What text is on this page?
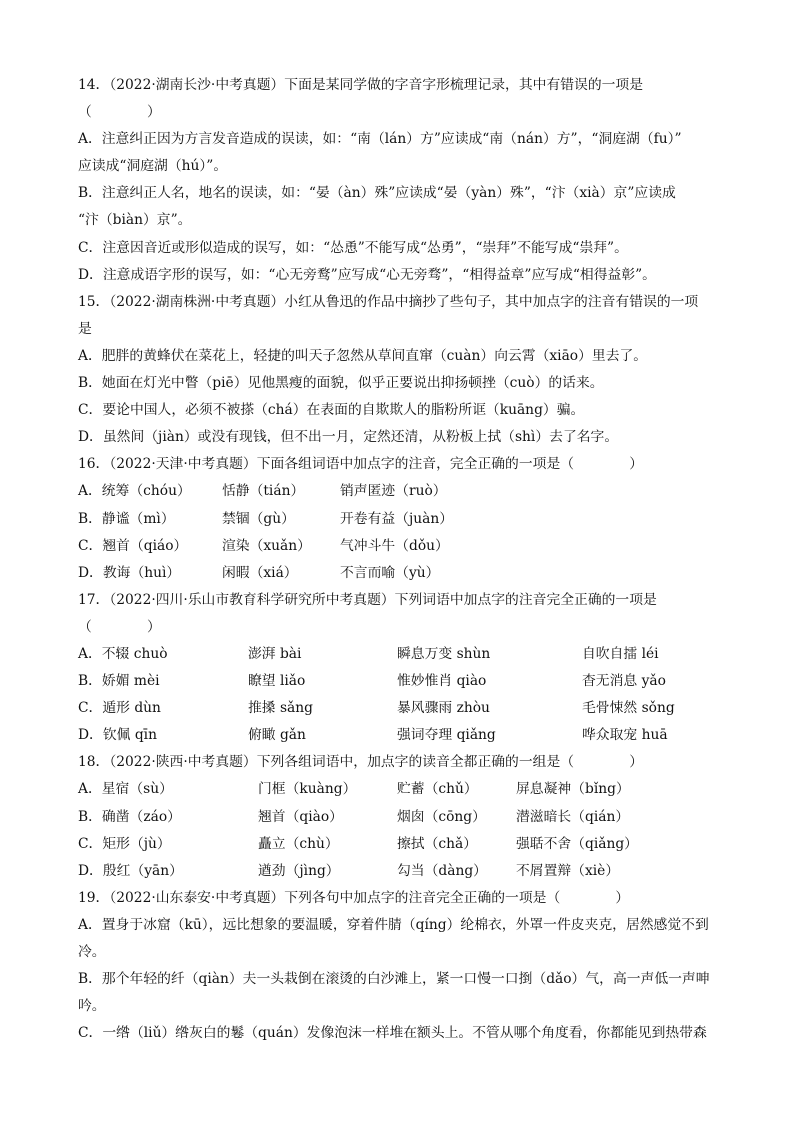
14．（2022·湖南长沙·中考真题）下面是某同学做的字音字形梳理记录，其中有错误的一项是
（　　　　）
A．注意纠正因为方言发音造成的误读，如：“南（lán）方”应读成“南（nán）方”，“洞庭湖（fu）”
应读成“洞庭湖（hú）”。
B．注意纠正人名，地名的误读，如：“晏（àn）殊”应读成“晏（yàn）殊”，“汴（xià）京”应读成
“汴（biàn）京”。
C．注意因音近或形似造成的误写，如：“怂恿”不能写成“怂勇”，“崇拜”不能写成“祟拜”。
D．注意成语字形的误写，如：“心无旁鹜”应写成“心无旁骛”，“相得益章”应写成“相得益彰”。
15．（2022·湖南株洲·中考真题）小红从鲁迅的作品中摘抄了些句子，其中加点字的注音有错误的一项
是
A．肥胖的黄蜂伏在菜花上，轻捷的叫天子忽然从草间直窜（cuàn）向云霄（xiāo）里去了。
B．她面在灯光中瞥（piē）见他黑瘦的面貌，似乎正要说出抑扬顿挫（cuò）的话来。
C．要论中国人，必须不被搽（chá）在表面的自欺欺人的脂粉所诓（kuāng）骗。
D．虽然间（jiàn）或没有现钱，但不出一月，定然还清，从粉板上拭（shì）去了名字。
16．（2022·天津·中考真题）下面各组词语中加点字的注音，完全正确的一项是（　　　　）
A．统筹（chóu） 恬静（tián）	销声匿迹（ruò）
B．静谧（mì）	禁锢（gù）	开卷有益（juàn）
C．翘首（qiáo）	渲染（xuǎn） 气冲斗牛（dǒu）
D．教诲（huì）	闲暇（xiá）	不言而喻（yù）
17．（2022·四川·乐山市教育科学研究所中考真题）下列词语中加点字的注音完全正确的一项是
（　　　　）
A．不辍 chuò	澎湃 bài	瞬息万变 shùn	自吹自擂 léi
B．娇媚 mèi	瞭望 liǎo	惟妙惟肖 qiào	杳无消息 yǎo
C．遁形 dùn	推搡 sǎng	暴风骤雨 zhòu	毛骨悚然 sǒng
D．钦佩 qīn	俯瞰 gǎn	强词夺理 qiǎng	哗众取宠 huā
18．（2022·陕西·中考真题）下列各组词语中，加点字的读音全都正确的一组是（　　　　）
A．星宿（sù）	门框（kuàng）	贮蓄（chǔ）	屏息凝神（bǐng）
B．确凿（záo）	翘首（qiào）	烟囱（cōng） 潜滋暗长（qián）
C．矩形（jù）	矗立（chù）	擦拭（chǎ）	强聒不舍（qiǎng）
D．殷红（yān）	遒劲（jìng）	勾当（dàng） 不屑置辩（xiè）
19．（2022·山东泰安·中考真题）下列各句中加点字的注音完全正确的一项是（　　　　）
A．置身于冰窟（kū），远比想象的要温暖，穿着件腈（qíng）纶棉衣，外罩一件皮夹克，居然感觉不到
冷。
B．那个年轻的纤（qiàn）夫一头栽倒在滚烫的白沙滩上，紧一口慢一口捯（dǎo）气，高一声低一声呻
吟。
C．一绺（liǔ）绺灰白的鬈（quán）发像泡沫一样堆在额头上。不管从哪个角度看，你都能见到热带森
